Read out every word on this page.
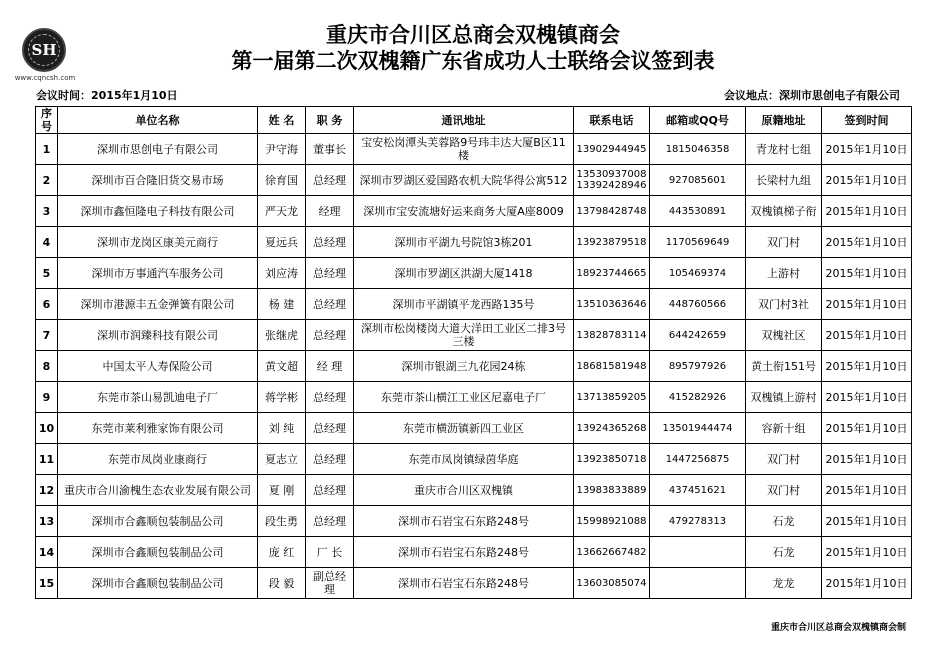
SH
www.cqncsh.com
重庆市合川区总商会双槐镇商会
第一届第二次双槐籍广东省成功人士联络会议签到表
会议时间：2015年1月10日	会议地点：深圳市思创电子有限公司
序号	单位名称	姓 名	职 务	通讯地址	联系电话	邮箱或QQ号	原籍地址	签到时间
1	深圳市思创电子有限公司	尹守海	董事长	宝安松岗潭头芙蓉路9号玮丰达大厦B区11楼	13902944945	1815046358	青龙村七组	2015年1月10日
2	深圳市百合隆旧货交易市场	徐育国	总经理	深圳市罗湖区爱国路农机大院华得公寓512	13530937008 13392428946	927085601	长梁村九组	2015年1月10日
3	深圳市鑫恒隆电子科技有限公司	严天龙	经理	深圳市宝安流塘好运来商务大厦A座8009	13798428748	443530891	双槐镇梯子衔	2015年1月10日
4	深圳市龙岗区康美元商行	夏远兵	总经理	深圳市平湖九号院馆3栋201	13923879518	1170569649	双门村	2015年1月10日
5	深圳市万事通汽车服务公司	刘应涛	总经理	深圳市罗湖区洪湖大厦1418	18923744665	105469374	上游村	2015年1月10日
6	深圳市港源丰五金弹簧有限公司	杨 建	总经理	深圳市平湖镇平龙西路135号	13510363646	448760566	双门村3社	2015年1月10日
7	深圳市润臻科技有限公司	张继虎	总经理	深圳市松岗楼岗大道大洋田工业区二排3号三楼	13828783114	644242659	双槐社区	2015年1月10日
8	中国太平人寿保险公司	黄文超	经 理	深圳市银湖三九花园24栋	18681581948	895797926	黄土衔151号	2015年1月10日
9	东莞市茶山易凯迪电子厂	蒋学彬	总经理	东莞市茶山横江工业区尼嘉电子厂	13713859205	415282926	双槐镇上游村	2015年1月10日
10	东莞市莱利雅家饰有限公司	刘 纯	总经理	东莞市横沥镇新四工业区	13924365268	13501944474	容新十组	2015年1月10日
11	东莞市凤岗业康商行	夏志立	总经理	东莞市凤岗镇绿茵华庭	13923850718	1447256875	双门村	2015年1月10日
12	重庆市合川渝槐生态农业发展有限公司	夏 刚	总经理	重庆市合川区双槐镇	13983833889	437451621	双门村	2015年1月10日
13	深圳市合鑫顺包装制品公司	段生勇	总经理	深圳市石岩宝石东路248号	15998921088	479278313	石龙	2015年1月10日
14	深圳市合鑫顺包装制品公司	庞 红	厂 长	深圳市石岩宝石东路248号	13662667482		石龙	2015年1月10日
15	深圳市合鑫顺包装制品公司	段 毅	副总经理	深圳市石岩宝石东路248号	13603085074		龙龙	2015年1月10日
重庆市合川区总商会双槐镇商会制
